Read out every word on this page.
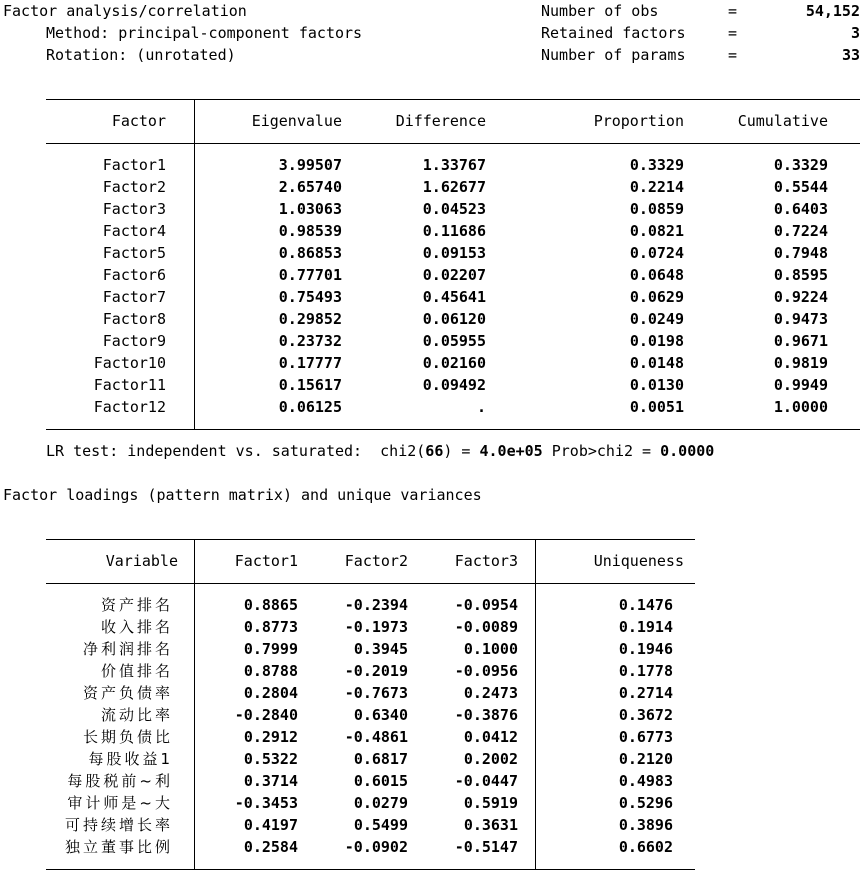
Factor analysis/correlation
Method: principal-component factors
Rotation: (unrotated)
Number of obs	=	54,152
Retained factors	=	3
Number of params	=	33
Factor	Eigenvalue	Difference	Proportion	Cumulative
Factor1	3.99507	1.33767	0.3329	0.3329
Factor2	2.65740	1.62677	0.2214	0.5544
Factor3	1.03063	0.04523	0.0859	0.6403
Factor4	0.98539	0.11686	0.0821	0.7224
Factor5	0.86853	0.09153	0.0724	0.7948
Factor6	0.77701	0.02207	0.0648	0.8595
Factor7	0.75493	0.45641	0.0629	0.9224
Factor8	0.29852	0.06120	0.0249	0.9473
Factor9	0.23732	0.05955	0.0198	0.9671
Factor10	0.17777	0.02160	0.0148	0.9819
Factor11	0.15617	0.09492	0.0130	0.9949
Factor12	0.06125	.	0.0051	1.0000
LR test: independent vs. saturated:  chi2(66) = 4.0e+05 Prob>chi2 = 0.0000
Factor loadings (pattern matrix) and unique variances
Variable	Factor1	Factor2	Factor3	Uniqueness
资产排名	0.8865	-0.2394	-0.0954	0.1476
收入排名	0.8773	-0.1973	-0.0089	0.1914
净利润排名	0.7999	0.3945	0.1000	0.1946
价值排名	0.8788	-0.2019	-0.0956	0.1778
资产负债率	0.2804	-0.7673	0.2473	0.2714
流动比率	-0.2840	0.6340	-0.3876	0.3672
长期负债比	0.2912	-0.4861	0.0412	0.6773
每股收益1	0.5322	0.6817	0.2002	0.2120
每股税前~利	0.3714	0.6015	-0.0447	0.4983
审计师是~大	-0.3453	0.0279	0.5919	0.5296
可持续增长率	0.4197	0.5499	0.3631	0.3896
独立董事比例	0.2584	-0.0902	-0.5147	0.6602
